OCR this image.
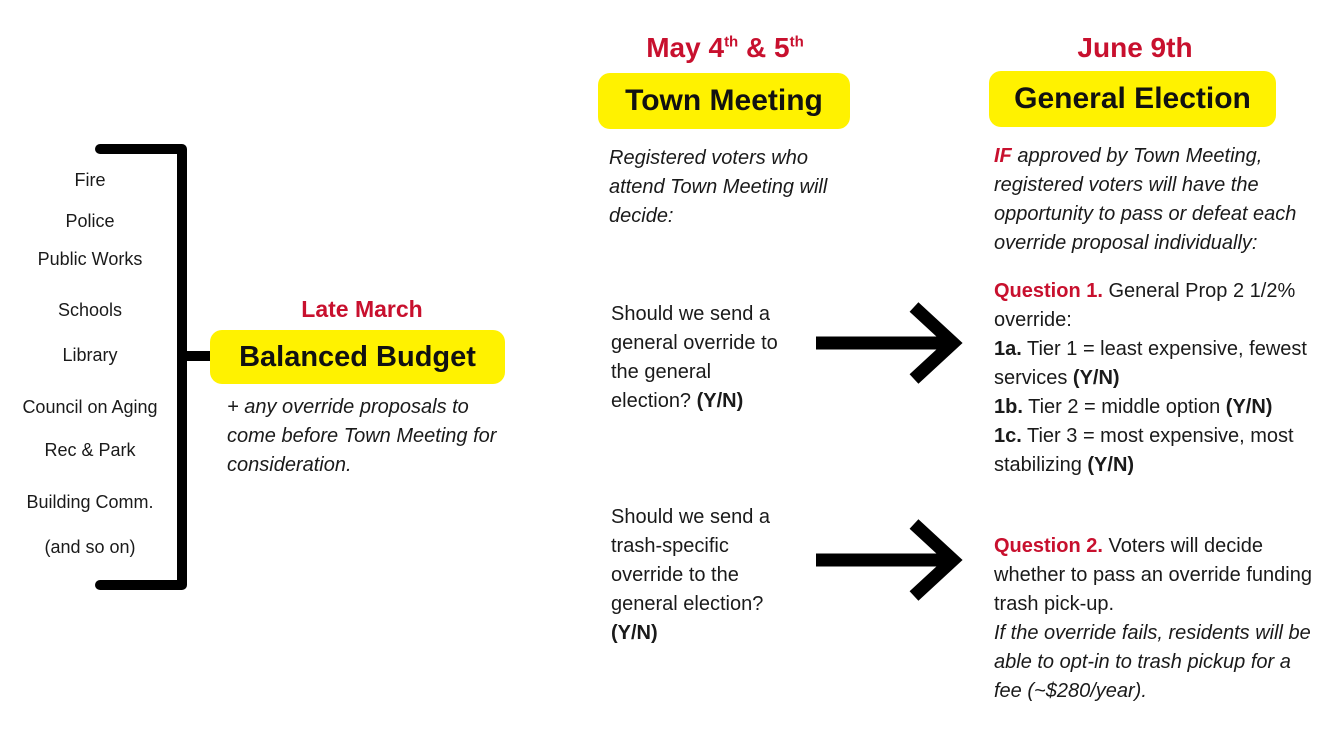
Fire
Police
Public Works
Schools
Library
Council on Aging
Rec & Park
Building Comm.
(and so on)
Late March
Balanced Budget
+ any override proposals to come before Town Meeting for consideration.
May 4th & 5th
Town Meeting
Registered voters who attend Town Meeting will decide:
Should we send a general override to the general election? (Y/N)
Should we send a trash-specific override to the general election? (Y/N)
June 9th
General Election
IF approved by Town Meeting, registered voters will have the opportunity to pass or defeat each override proposal individually:
Question 1. General Prop 2 1/2% override:
1a. Tier 1 = least expensive, fewest services (Y/N)
1b. Tier 2 = middle option (Y/N)
1c. Tier 3 = most expensive, most stabilizing (Y/N)
Question 2. Voters will decide whether to pass an override funding trash pick-up.
If the override fails, residents will be able to opt-in to trash pickup for a fee (~$280/year).
